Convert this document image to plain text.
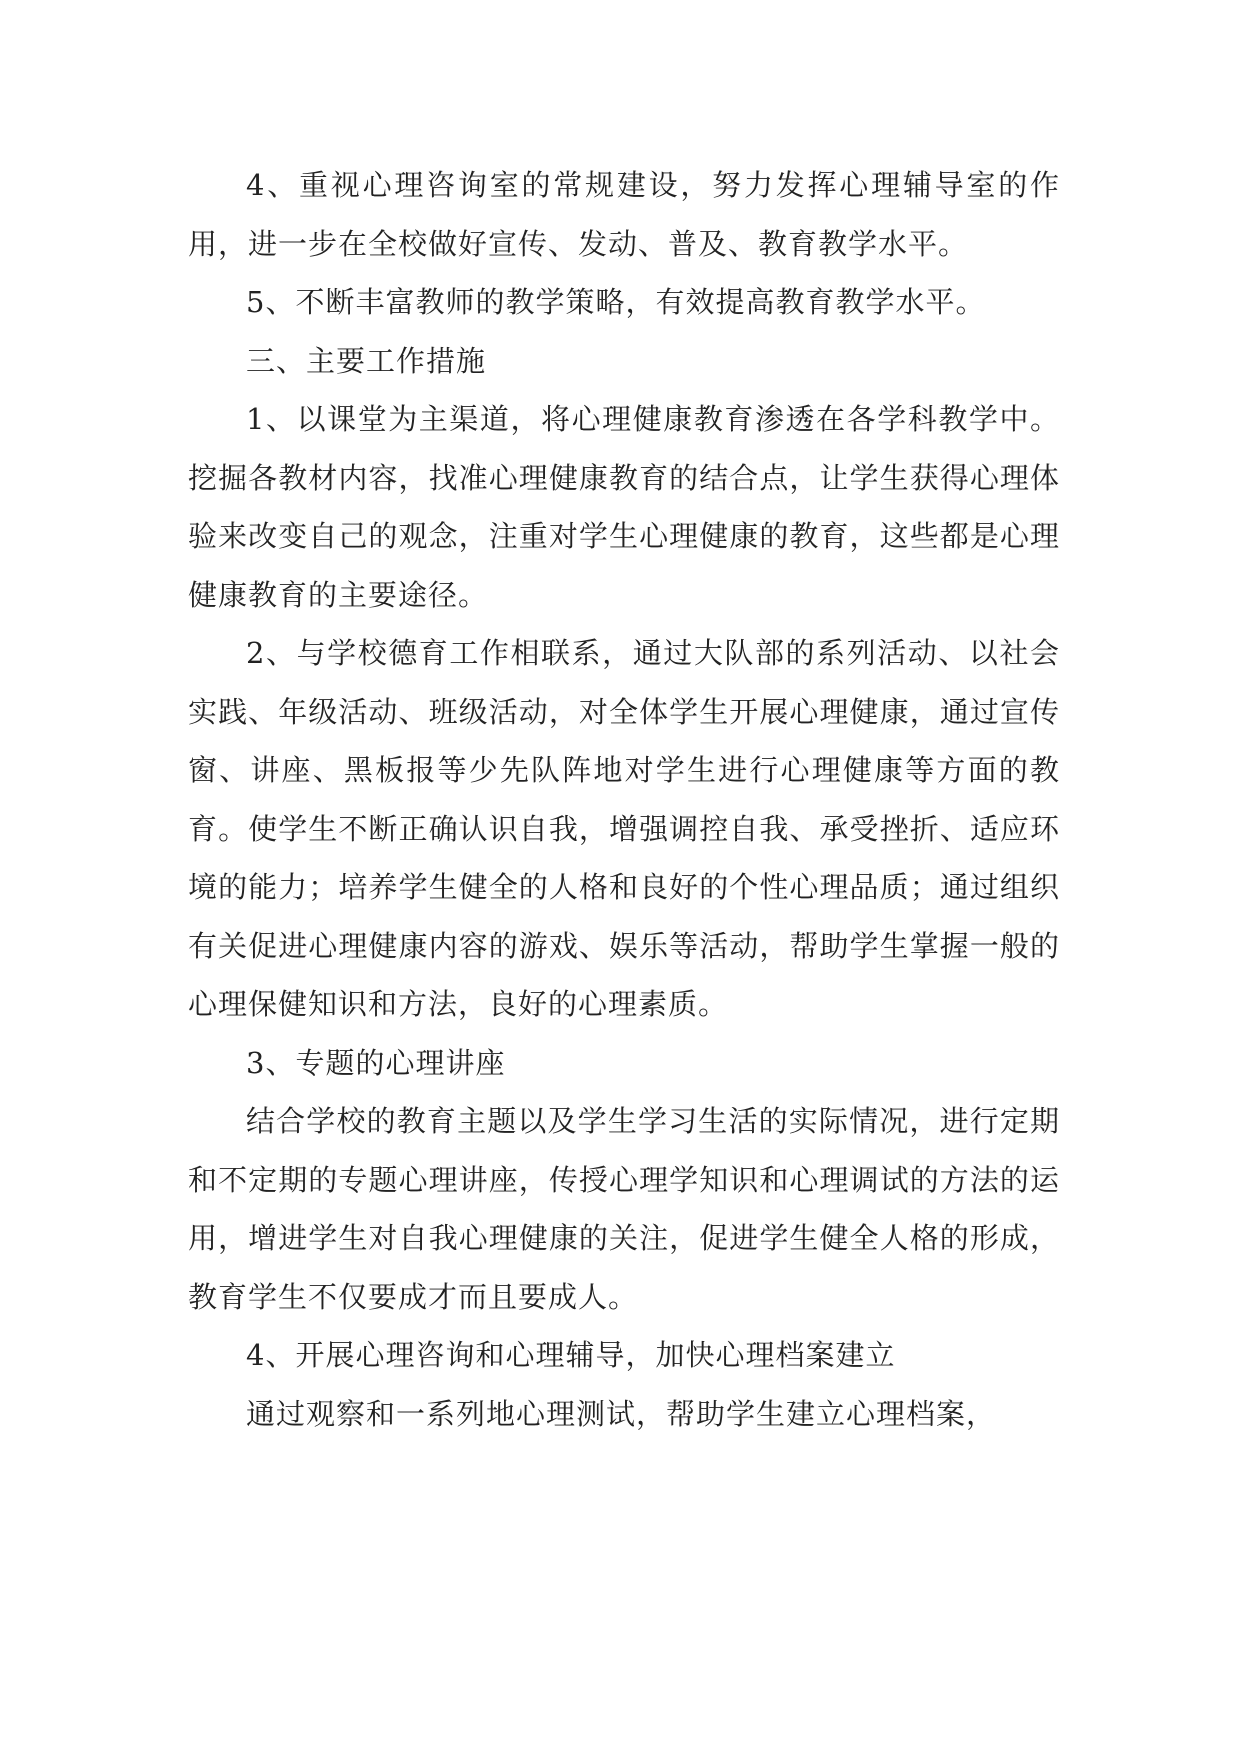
4、重视心理咨询室的常规建设，努力发挥心理辅导室的作用，进一步在全校做好宣传、发动、普及、教育教学水平。

5、不断丰富教师的教学策略，有效提高教育教学水平。

三、主要工作措施

1、以课堂为主渠道，将心理健康教育渗透在各学科教学中。挖掘各教材内容，找准心理健康教育的结合点，让学生获得心理体验来改变自己的观念，注重对学生心理健康的教育，这些都是心理健康教育的主要途径。

2、与学校德育工作相联系，通过大队部的系列活动、以社会实践、年级活动、班级活动，对全体学生开展心理健康，通过宣传窗、讲座、黑板报等少先队阵地对学生进行心理健康等方面的教育。使学生不断正确认识自我，增强调控自我、承受挫折、适应环境的能力；培养学生健全的人格和良好的个性心理品质；通过组织有关促进心理健康内容的游戏、娱乐等活动，帮助学生掌握一般的心理保健知识和方法，良好的心理素质。

3、专题的心理讲座

结合学校的教育主题以及学生学习生活的实际情况，进行定期和不定期的专题心理讲座，传授心理学知识和心理调试的方法的运用，增进学生对自我心理健康的关注，促进学生健全人格的形成，教育学生不仅要成才而且要成人。

4、开展心理咨询和心理辅导，加快心理档案建立

通过观察和一系列地心理测试，帮助学生建立心理档案，
